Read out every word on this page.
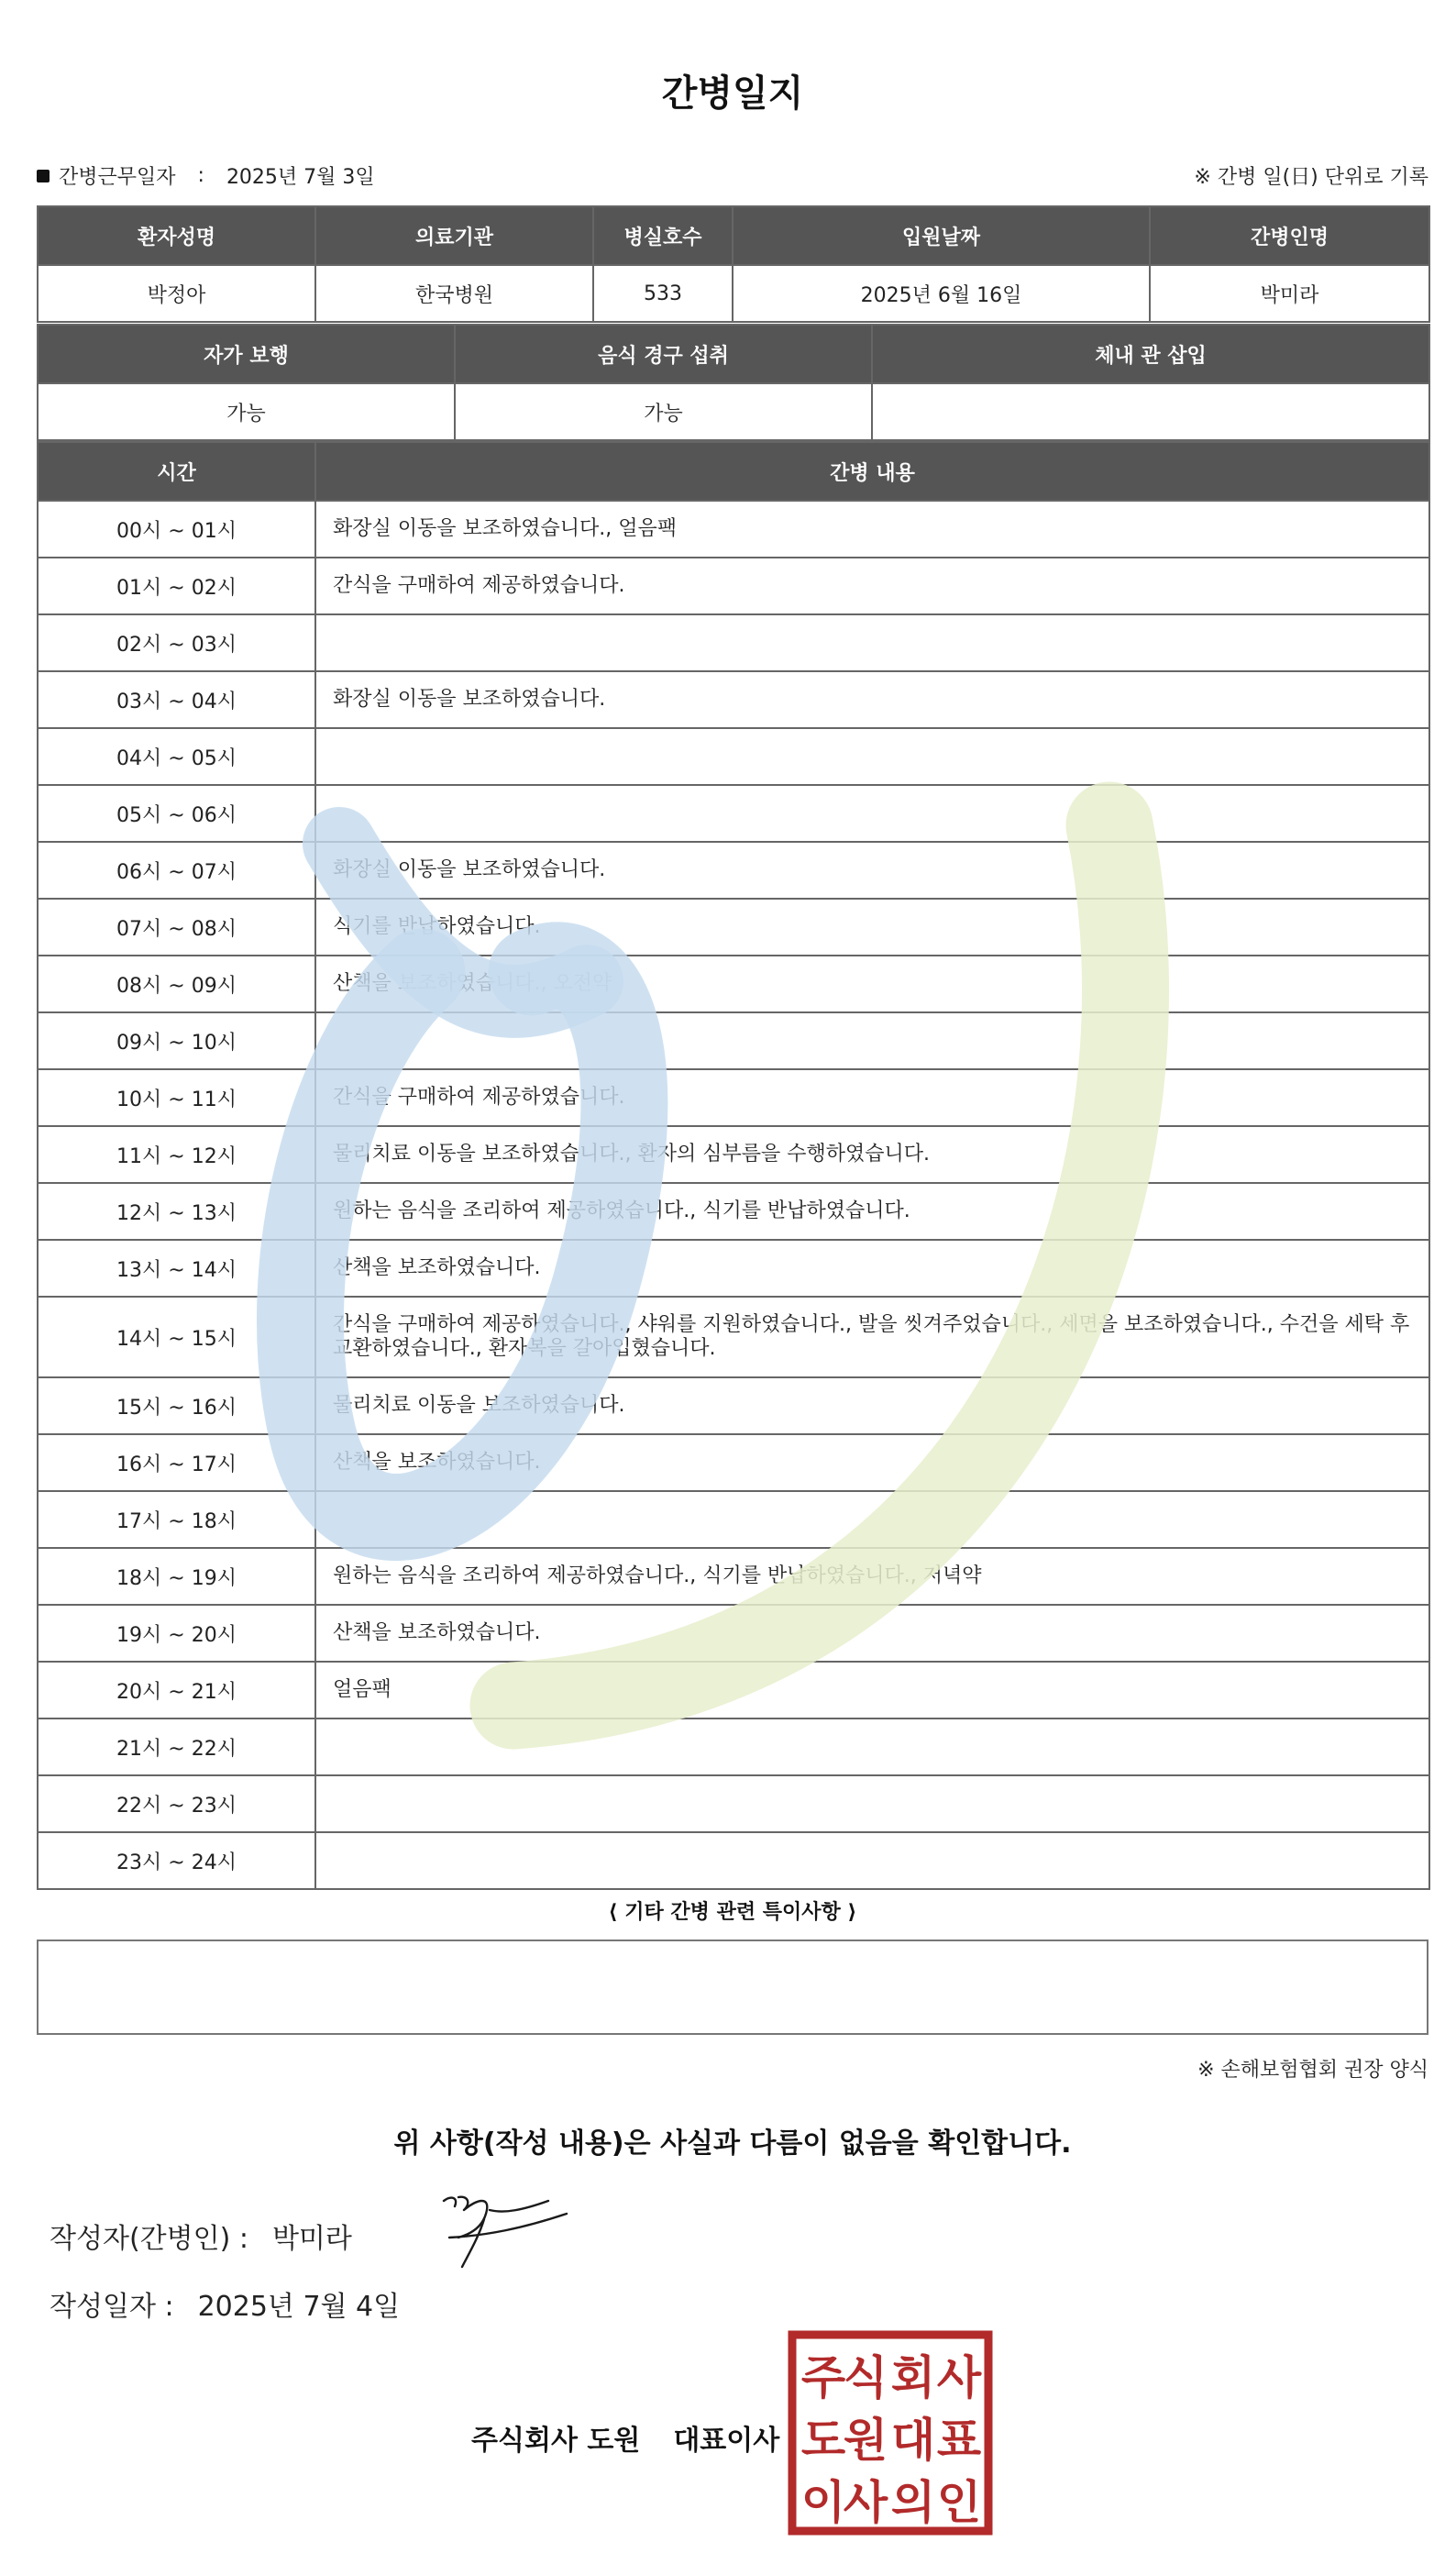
간병일지
간병근무일자 : 2025년 7월 3일	※ 간병 일(日) 단위로 기록
환자성명	의료기관	병실호수	입원날짜	간병인명
박정아	한국병원	533	2025년 6월 16일	박미라
자가 보행	음식 경구 섭취	체내 관 삽입
가능	가능	
시간	간병 내용
00시 ~ 01시	화장실 이동을 보조하였습니다., 얼음팩
01시 ~ 02시	간식을 구매하여 제공하였습니다.
02시 ~ 03시	
03시 ~ 04시	화장실 이동을 보조하였습니다.
04시 ~ 05시	
05시 ~ 06시	
06시 ~ 07시	화장실 이동을 보조하였습니다.
07시 ~ 08시	식기를 반납하였습니다.
08시 ~ 09시	산책을 보조하였습니다., 오전약
09시 ~ 10시	
10시 ~ 11시	간식을 구매하여 제공하였습니다.
11시 ~ 12시	물리치료 이동을 보조하였습니다., 환자의 심부름을 수행하였습니다.
12시 ~ 13시	원하는 음식을 조리하여 제공하였습니다., 식기를 반납하였습니다.
13시 ~ 14시	산책을 보조하였습니다.
14시 ~ 15시	간식을 구매하여 제공하였습니다., 샤워를 지원하였습니다., 발을 씻겨주었습니다., 세면을 보조하였습니다., 수건을 세탁 후 교환하였습니다., 환자복을 갈아입혔습니다.
15시 ~ 16시	물리치료 이동을 보조하였습니다.
16시 ~ 17시	산책을 보조하였습니다.
17시 ~ 18시	
18시 ~ 19시	원하는 음식을 조리하여 제공하였습니다., 식기를 반납하였습니다., 저녁약
19시 ~ 20시	산책을 보조하였습니다.
20시 ~ 21시	얼음팩
21시 ~ 22시	
22시 ~ 23시	
23시 ~ 24시	
⟨ 기타 간병 관련 특이사항 ⟩
※ 손해보험협회 권장 양식
위 사항(작성 내용)은 사실과 다름이 없음을 확인합니다.
작성자(간병인) : 박미라
작성일자 : 2025년 7월 4일
주식회사 도원 대표이사
주
식 회 사
도
원 대 표
이
사 의 인
